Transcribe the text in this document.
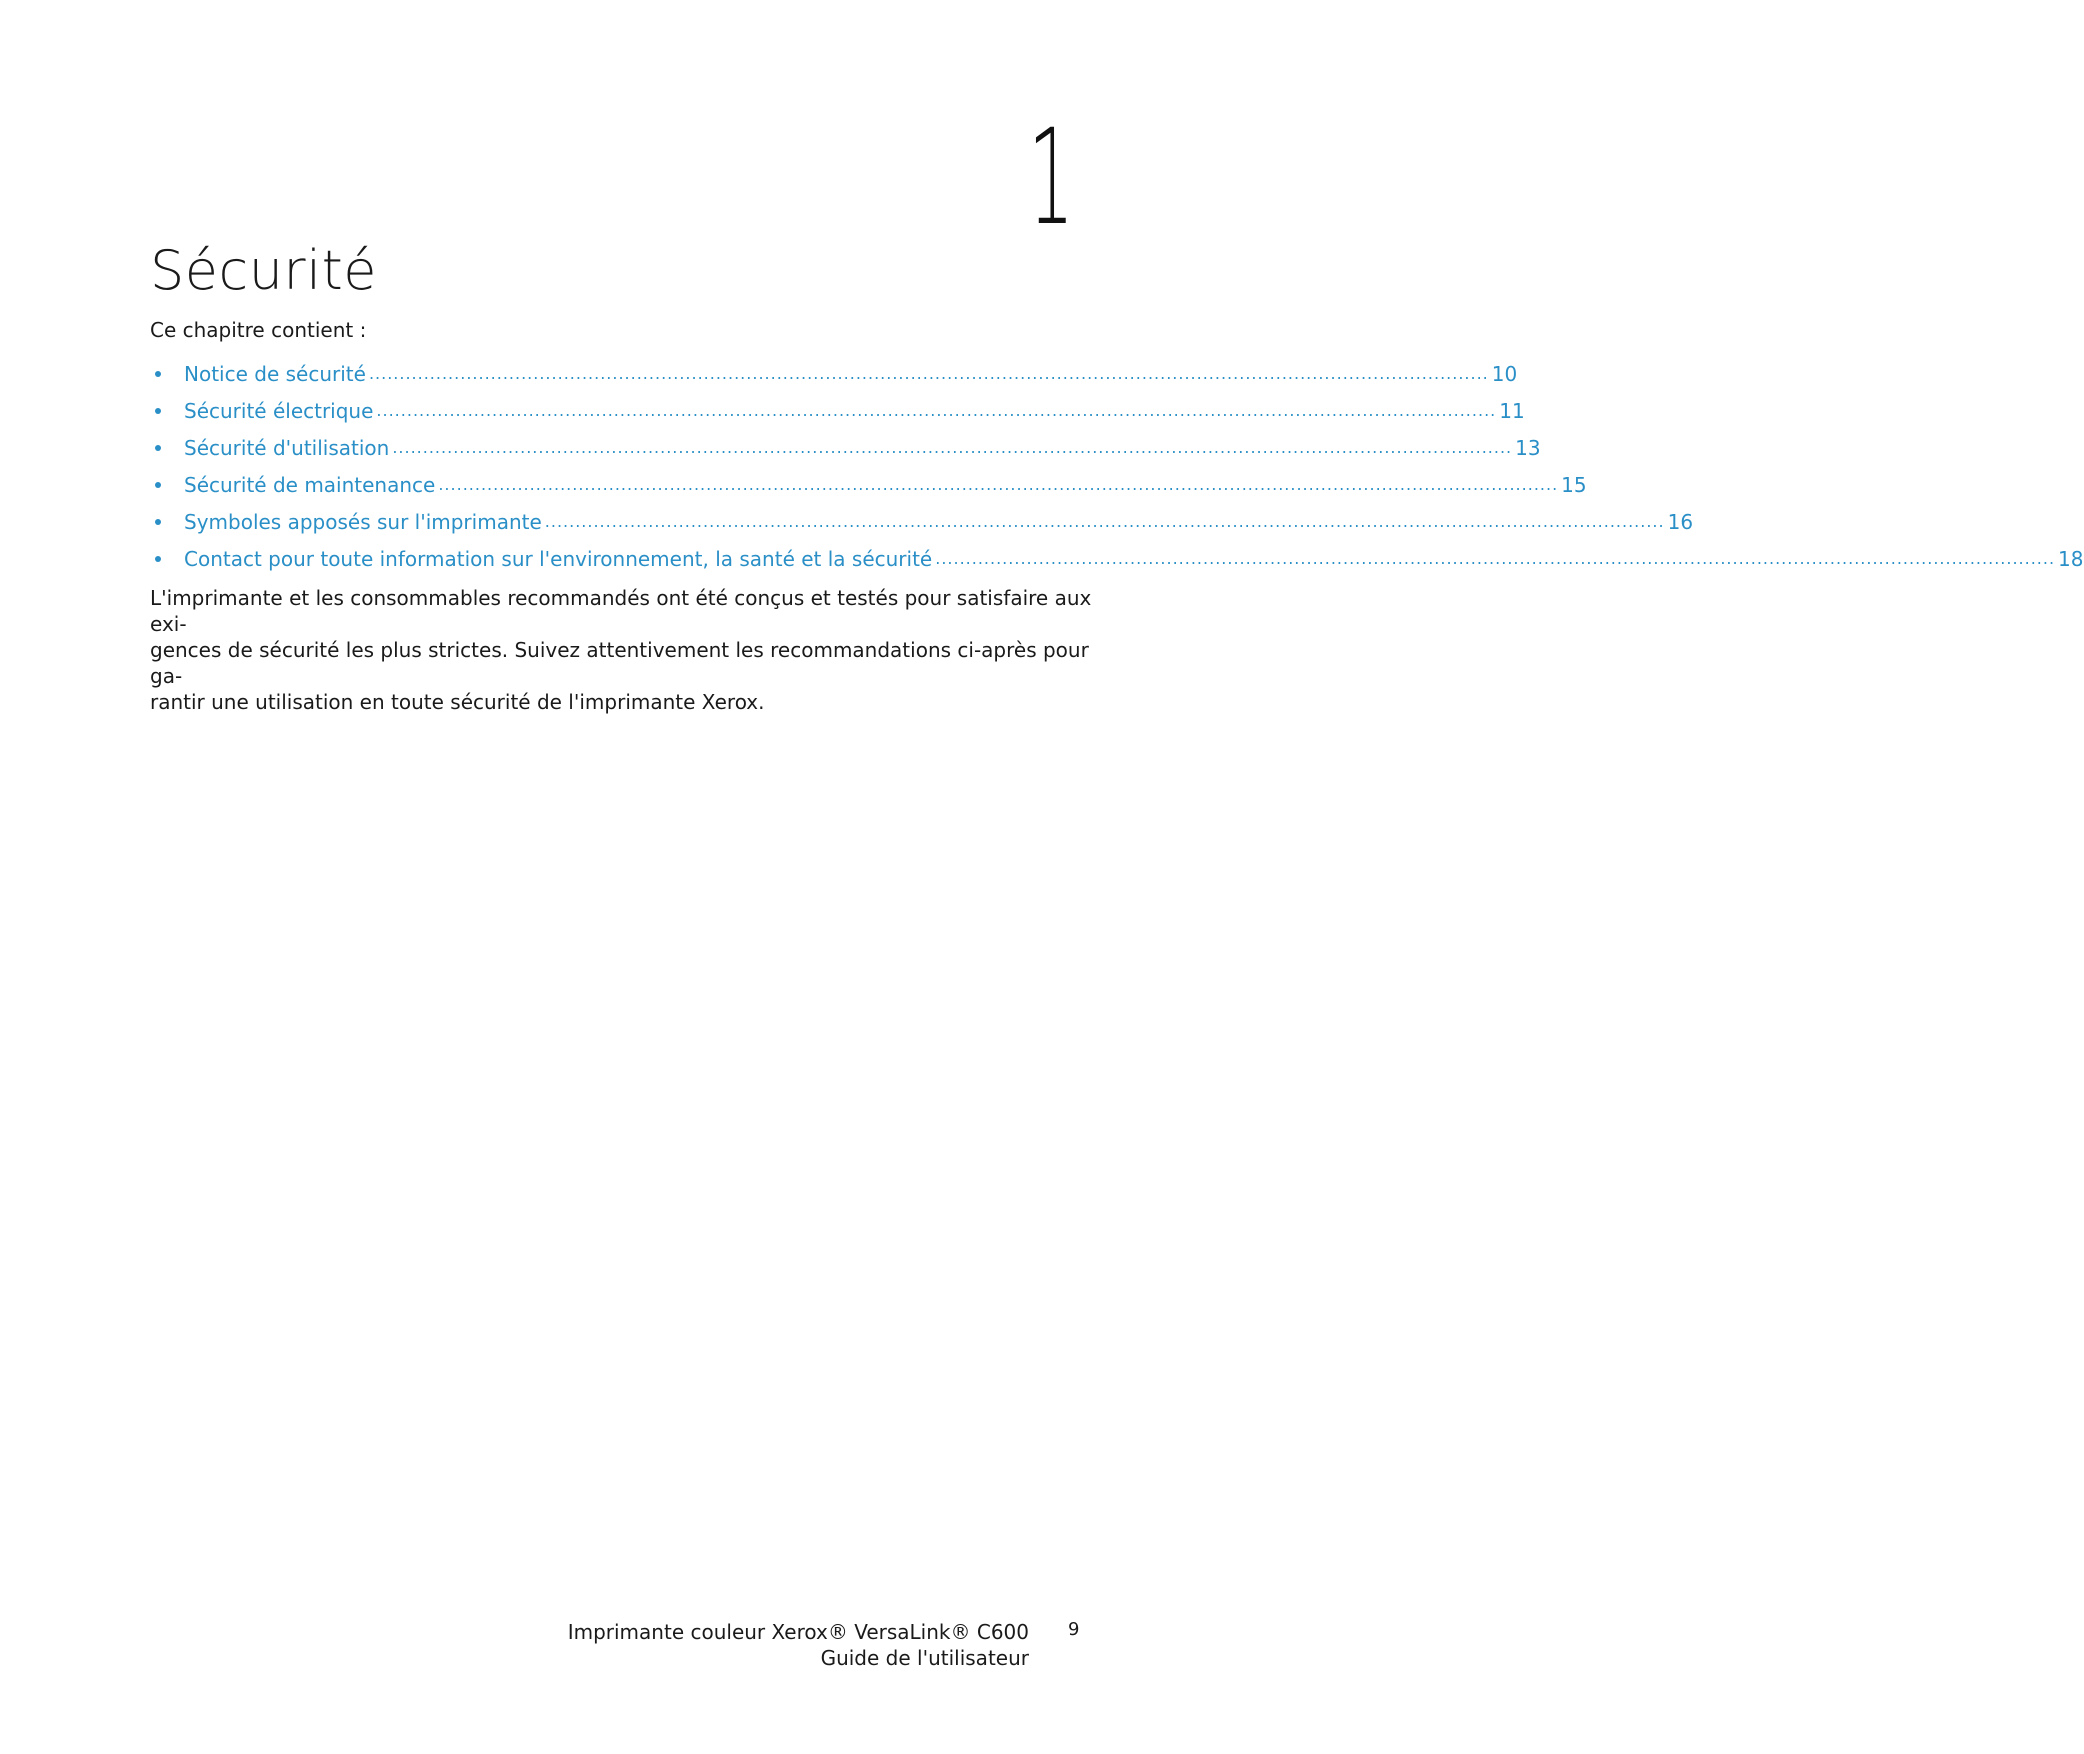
1
Sécurité

Ce chapitre contient :

Notice de sécurité ........................................................................................................................................................................................ 10
Sécurité électrique ........................................................................................................................................................................................ 11
Sécurité d'utilisation ........................................................................................................................................................................................ 13
Sécurité de maintenance ........................................................................................................................................................................................ 15
Symboles apposés sur l'imprimante ........................................................................................................................................................................................ 16
Contact pour toute information sur l'environnement, la santé et la sécurité ........................................................................................................................................................................................ 18
L'imprimante et les consommables recommandés ont été conçus et testés pour satisfaire aux exi-
gences de sécurité les plus strictes. Suivez attentivement les recommandations ci-après pour ga-
rantir une utilisation en toute sécurité de l'imprimante Xerox.
Imprimante couleur Xerox® VersaLink® C600
Guide de l'utilisateur
9
